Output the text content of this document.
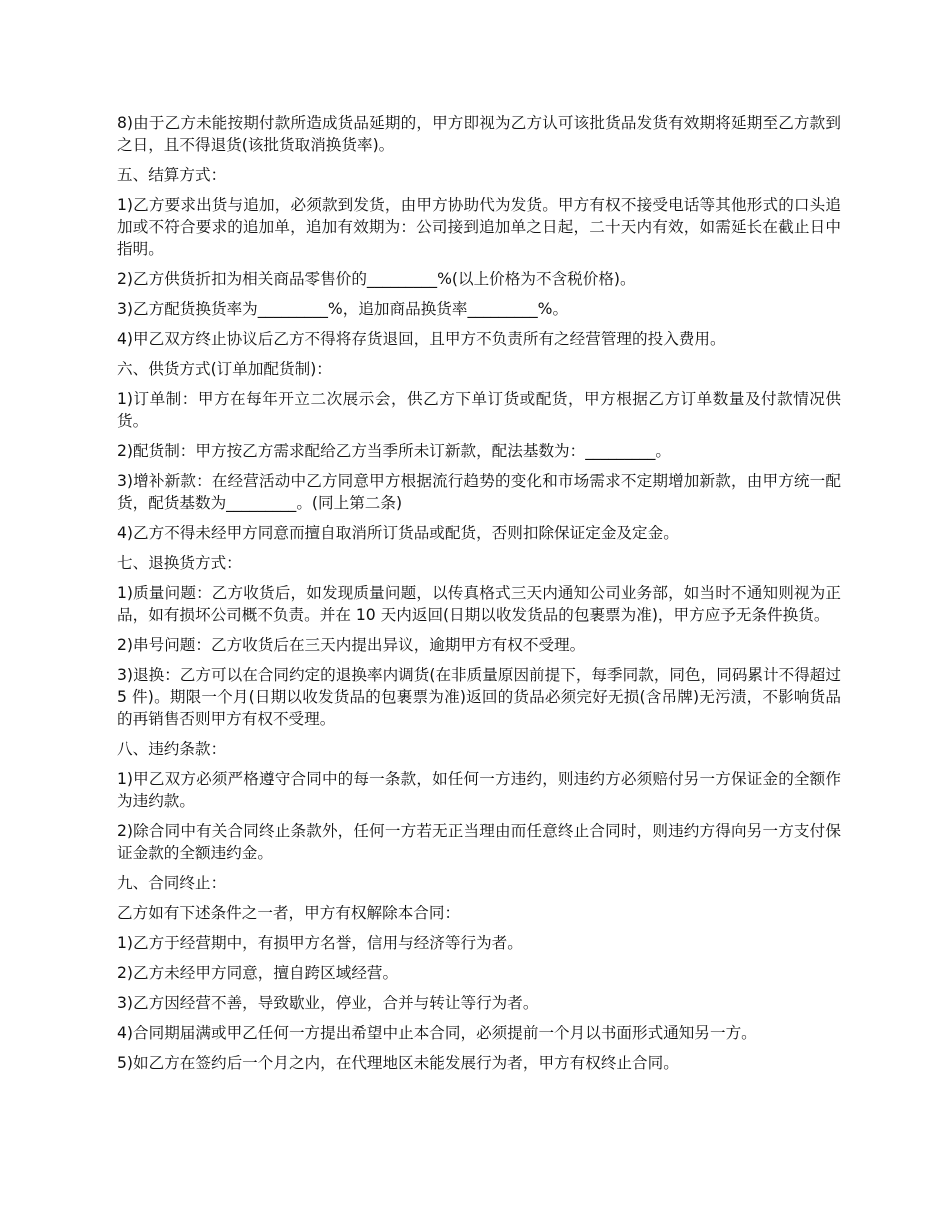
8)由于乙方未能按期付款所造成货品延期的，甲方即视为乙方认可该批货品发货有效期将延期至乙方款到之日，且不得退货(该批货取消换货率)。

五、结算方式：

1)乙方要求出货与追加，必须款到发货，由甲方协助代为发货。甲方有权不接受电话等其他形式的口头追加或不符合要求的追加单，追加有效期为：公司接到追加单之日起，二十天内有效，如需延长在截止日中指明。

2)乙方供货折扣为相关商品零售价的_________%(以上价格为不含税价格)。

3)乙方配货换货率为_________%，追加商品换货率_________%。

4)甲乙双方终止协议后乙方不得将存货退回，且甲方不负责所有之经营管理的投入费用。

六、供货方式(订单加配货制)：

1)订单制：甲方在每年开立二次展示会，供乙方下单订货或配货，甲方根据乙方订单数量及付款情况供货。

2)配货制：甲方按乙方需求配给乙方当季所未订新款，配法基数为：_________。

3)增补新款：在经营活动中乙方同意甲方根据流行趋势的变化和市场需求不定期增加新款，由甲方统一配货，配货基数为_________。(同上第二条)

4)乙方不得未经甲方同意而擅自取消所订货品或配货，否则扣除保证定金及定金。

七、退换货方式：

1)质量问题：乙方收货后，如发现质量问题，以传真格式三天内通知公司业务部，如当时不通知则视为正品，如有损坏公司概不负责。并在 10 天内返回(日期以收发货品的包裹票为准)，甲方应予无条件换货。

2)串号问题：乙方收货后在三天内提出异议，逾期甲方有权不受理。

3)退换：乙方可以在合同约定的退换率内调货(在非质量原因前提下，每季同款，同色，同码累计不得超过 5 件)。期限一个月(日期以收发货品的包裹票为准)返回的货品必须完好无损(含吊牌)无污渍，不影响货品的再销售否则甲方有权不受理。

八、违约条款：

1)甲乙双方必须严格遵守合同中的每一条款，如任何一方违约，则违约方必须赔付另一方保证金的全额作为违约款。

2)除合同中有关合同终止条款外，任何一方若无正当理由而任意终止合同时，则违约方得向另一方支付保证金款的全额违约金。

九、合同终止：

乙方如有下述条件之一者，甲方有权解除本合同：

1)乙方于经营期中，有损甲方名誉，信用与经济等行为者。

2)乙方未经甲方同意，擅自跨区域经营。

3)乙方因经营不善，导致歇业，停业，合并与转让等行为者。

4)合同期届满或甲乙任何一方提出希望中止本合同，必须提前一个月以书面形式通知另一方。

5)如乙方在签约后一个月之内，在代理地区未能发展行为者，甲方有权终止合同。
